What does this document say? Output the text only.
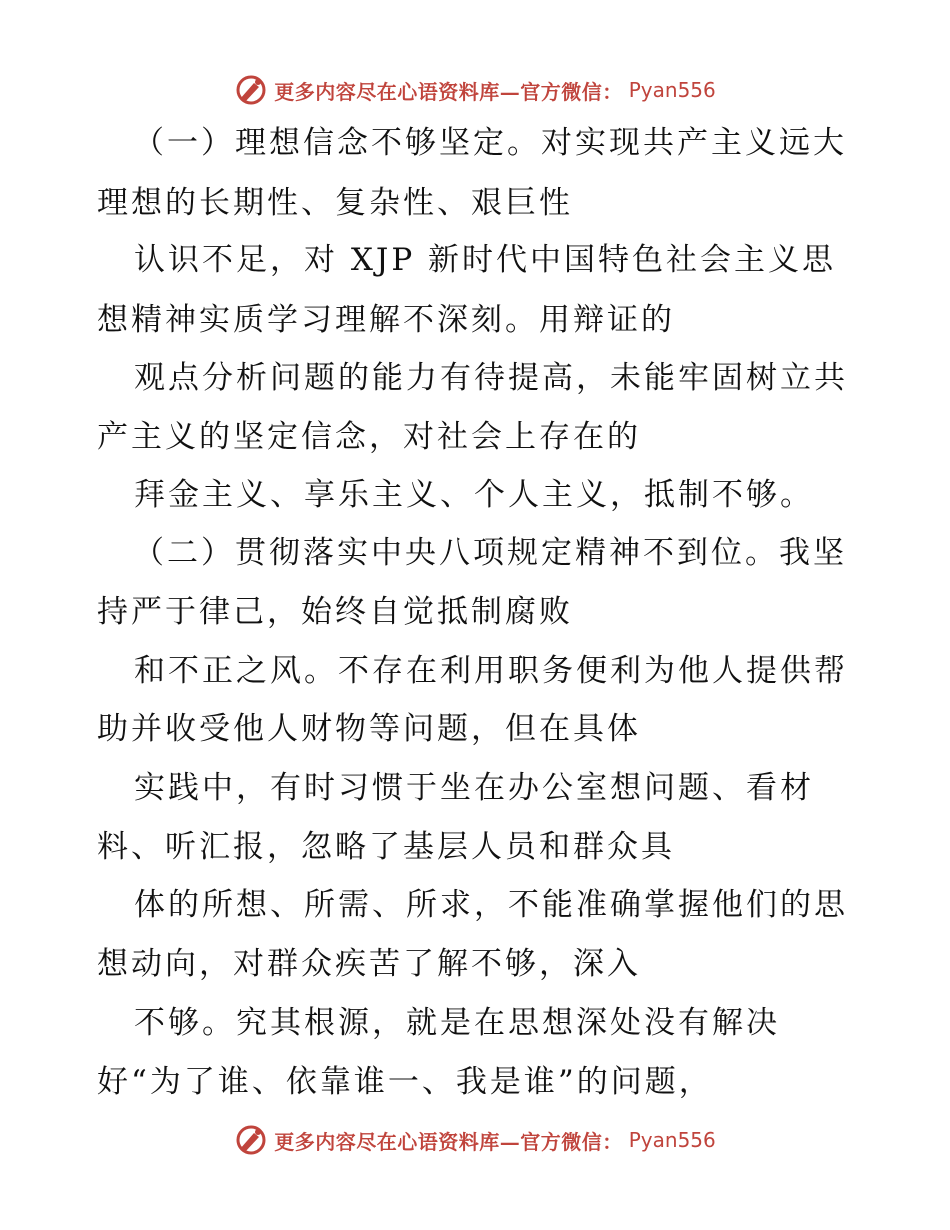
更多内容尽在心语资料库—官方微信： Pyan556
（一）理想信念不够坚定。对实现共产主义远大
理想的长期性、复杂性、艰巨性
认识不足，对 XJP 新时代中国特色社会主义思
想精神实质学习理解不深刻。用辩证的
观点分析问题的能力有待提高，未能牢固树立共
产主义的坚定信念，对社会上存在的
拜金主义、享乐主义、个人主义，抵制不够。
（二）贯彻落实中央八项规定精神不到位。我坚
持严于律己，始终自觉抵制腐败
和不正之风。不存在利用职务便利为他人提供帮
助并收受他人财物等问题，但在具体
实践中，有时习惯于坐在办公室想问题、看材
料、听汇报，忽略了基层人员和群众具
体的所想、所需、所求，不能准确掌握他们的思
想动向，对群众疾苦了解不够，深入
不够。究其根源，就是在思想深处没有解决
好“为了谁、依靠谁一、我是谁”的问题，
更多内容尽在心语资料库—官方微信： Pyan556
